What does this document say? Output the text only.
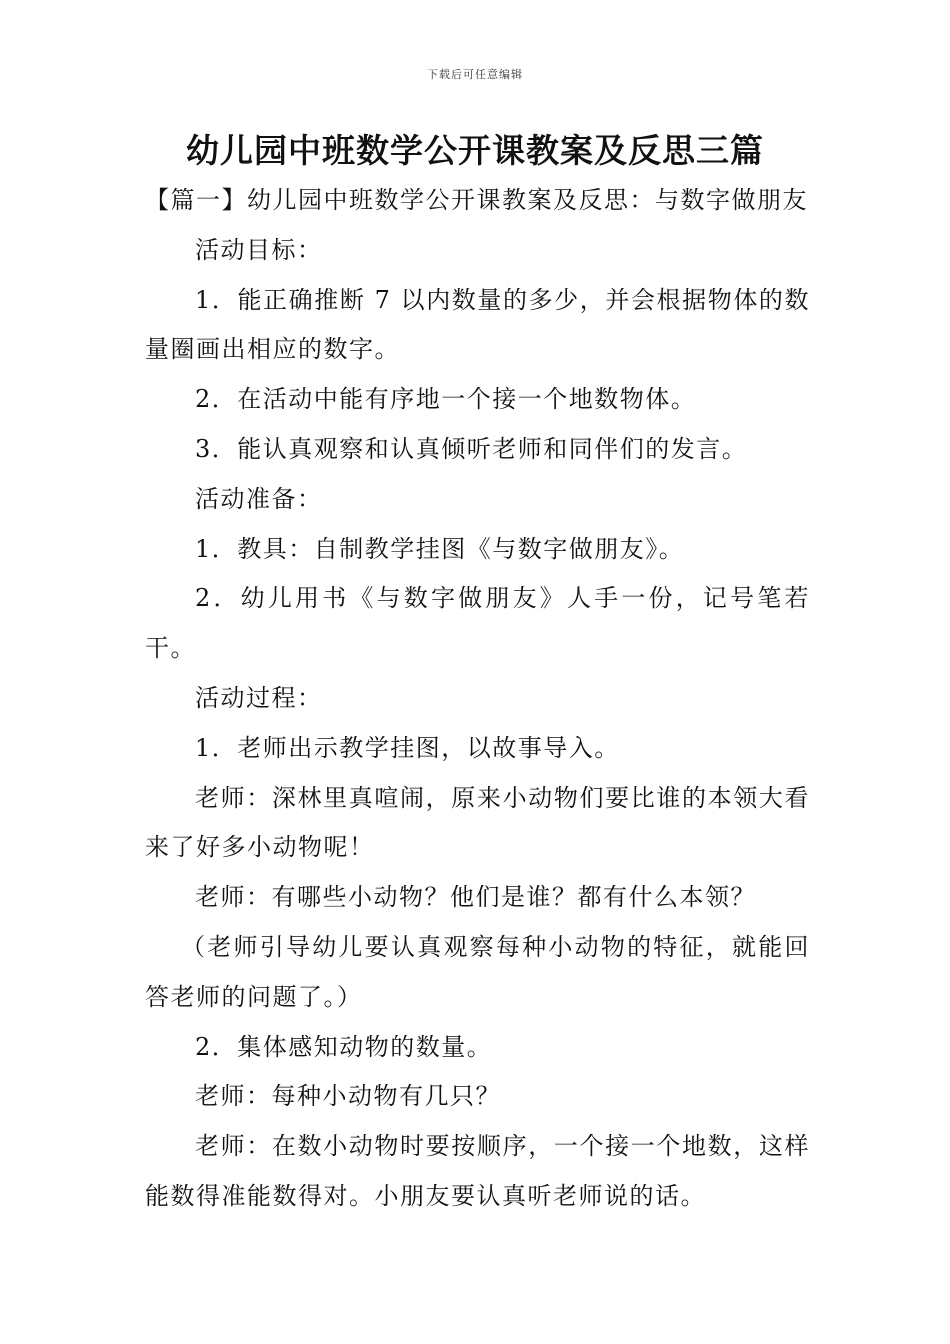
下载后可任意编辑
幼儿园中班数学公开课教案及反思三篇

【篇一】幼儿园中班数学公开课教案及反思：与数字做朋友

活动目标：

1．能正确推断 7 以内数量的多少，并会根据物体的数量圈画出相应的数字。

2．在活动中能有序地一个接一个地数物体。

3．能认真观察和认真倾听老师和同伴们的发言。

活动准备：

1．教具：自制教学挂图《与数字做朋友》。

2．幼儿用书《与数字做朋友》人手一份，记号笔若干。

活动过程：

1．老师出示教学挂图，以故事导入。

老师：深林里真喧闹，原来小动物们要比谁的本领大看来了好多小动物呢！

老师：有哪些小动物？他们是谁？都有什么本领？

（老师引导幼儿要认真观察每种小动物的特征，就能回答老师的问题了。）

2．集体感知动物的数量。

老师：每种小动物有几只？

老师：在数小动物时要按顺序，一个接一个地数，这样能数得准能数得对。小朋友要认真听老师说的话。
